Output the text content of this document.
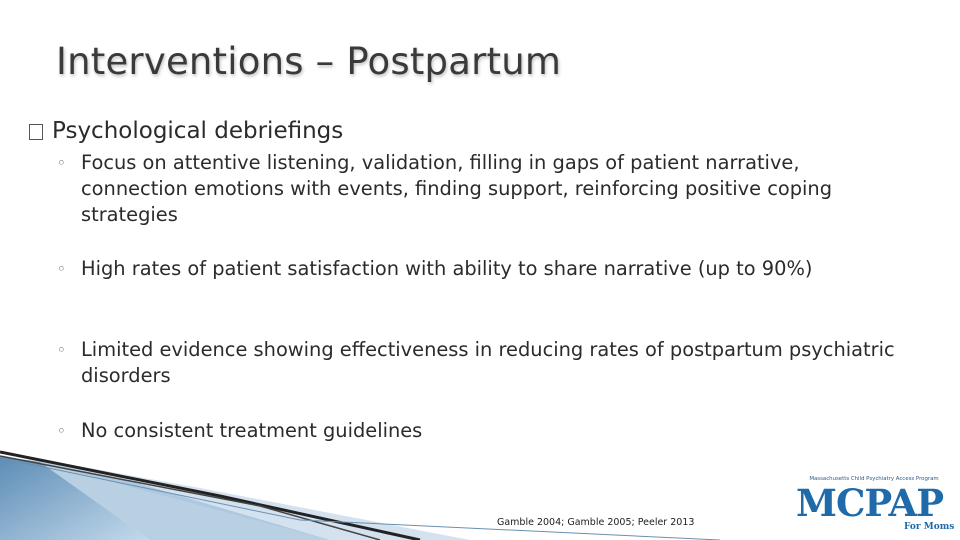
Interventions – Postpartum
Psychological debriefings
◦ Focus on attentive listening, validation, filling in gaps of patient narrative, connection emotions with events, finding support, reinforcing positive coping strategies
◦ High rates of patient satisfaction with ability to share narrative (up to 90%)
◦ Limited evidence showing effectiveness in reducing rates of postpartum psychiatric disorders
◦ No consistent treatment guidelines
Gamble 2004; Gamble 2005; Peeler 2013
Massachusetts Child Psychiatry Access Program
MCPAP
For Moms
